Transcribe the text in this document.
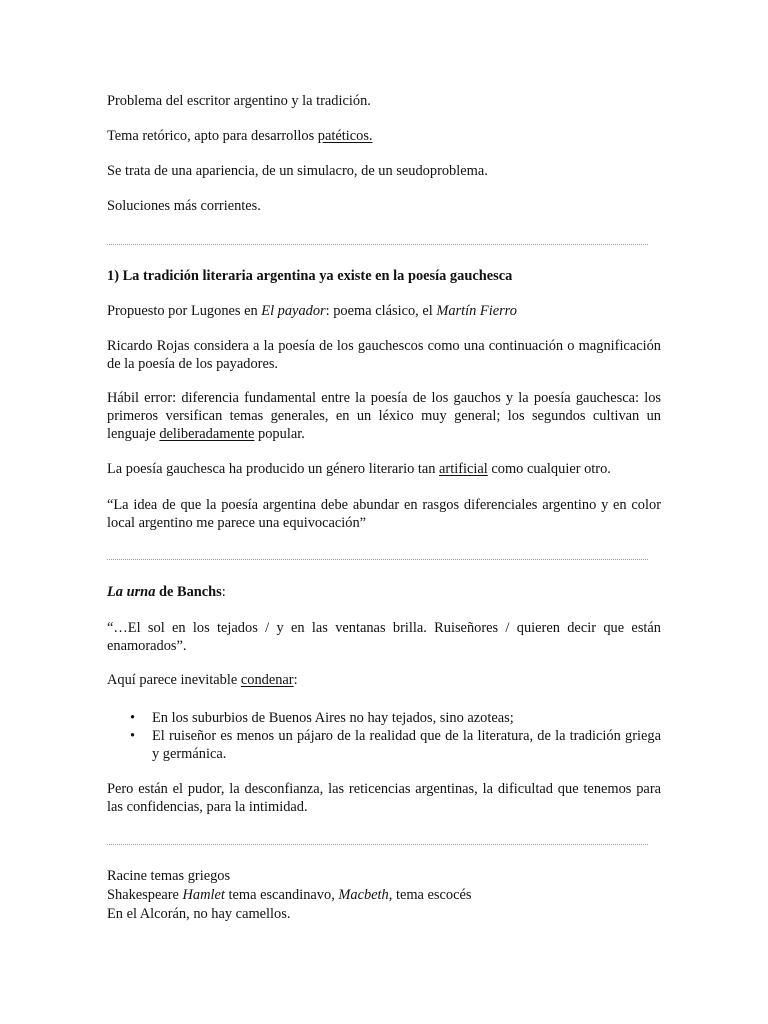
Problema del escritor argentino y la tradición.
Tema retórico, apto para desarrollos patéticos.
Se trata de una apariencia, de un simulacro, de un seudoproblema.
Soluciones más corrientes.
1) La tradición literaria argentina ya existe en la poesía gauchesca
Propuesto por Lugones en El payador: poema clásico, el Martín Fierro
Ricardo Rojas considera a la poesía de los gauchescos como una continuación o magnificación de la poesía de los payadores.
Hábil error: diferencia fundamental entre la poesía de los gauchos y la poesía gauchesca: los primeros versifican temas generales, en un léxico muy general; los segundos cultivan un lenguaje deliberadamente popular.
La poesía gauchesca ha producido un género literario tan artificial como cualquier otro.
“La idea de que la poesía argentina debe abundar en rasgos diferenciales argentino y en color local argentino me parece una equivocación”
La urna de Banchs:
“…El sol en los tejados / y en las ventanas brilla. Ruiseñores / quieren decir que están enamorados”.
Aquí parece inevitable condenar:

• En los suburbios de Buenos Aires no hay tejados, sino azoteas;

• El ruiseñor es menos un pájaro de la realidad que de la literatura, de la tradición griega y germánica.

Pero están el pudor, la desconfianza, las reticencias argentinas, la dificultad que tenemos para las confidencias, para la intimidad.
Racine temas griegos
Shakespeare Hamlet tema escandinavo, Macbeth, tema escocés
En el Alcorán, no hay camellos.
